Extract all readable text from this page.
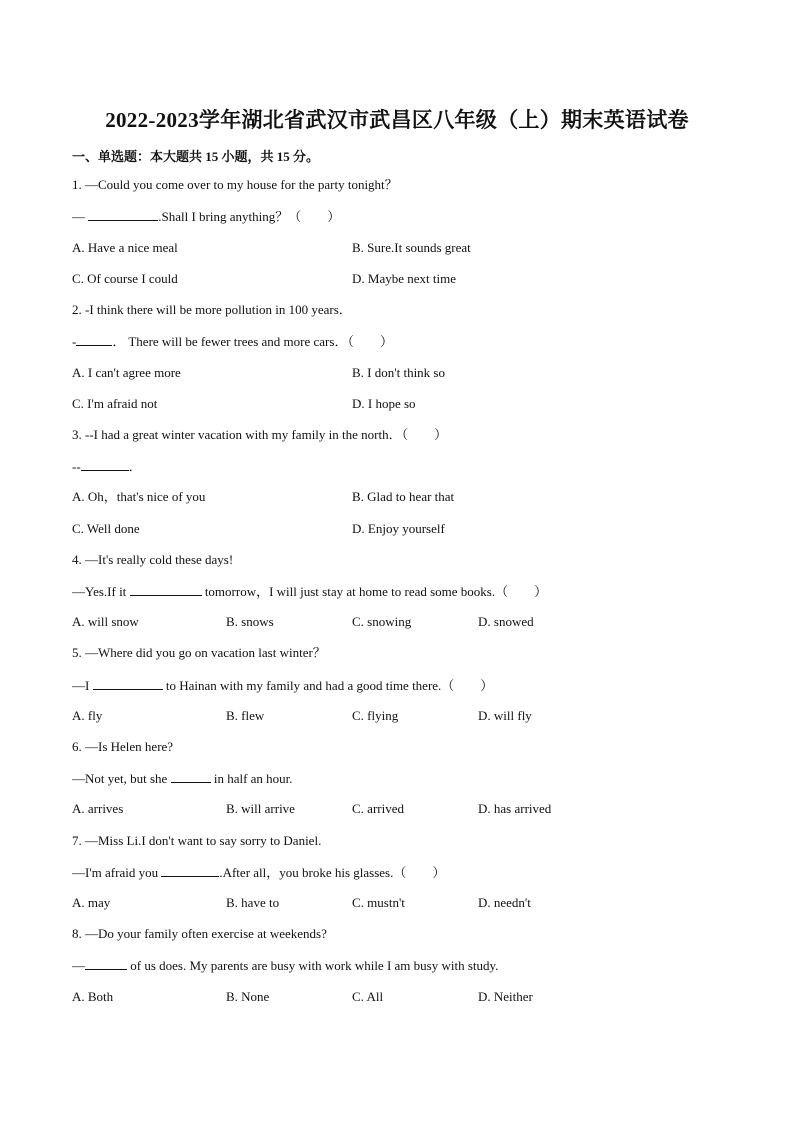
2022-2023学年湖北省武汉市武昌区八年级（上）期末英语试卷
一、单选题：本大题共 15 小题，共 15 分。
1. —Could you come over to my house for the party tonight？
—	.Shall I bring anything？（　　）
A. Have a nice meal	B. Sure.It sounds great
C. Of course I could	D. Maybe next time
2. -I think there will be more pollution in 100 years．
-	． There will be fewer trees and more cars．（　　）
A. I can't agree more	B. I don't think so
C. I'm afraid not	D. I hope so
3. --I had a great winter vacation with my family in the north．（　　）
--	．
A. Oh，that's nice of you	B. Glad to hear that
C. Well done	D. Enjoy yourself
4. —It's really cold these days!
—Yes.If it	tomorrow，I will just stay at home to read some books.（　　）
A. will snow	B. snows	C. snowing	D. snowed
5. —Where did you go on vacation last winter？
—I	to Hainan with my family and had a good time there.（　　）
A. fly	B. flew	C. flying	D. will fly
6. —Is Helen here?
—Not yet, but she	in half an hour.
A. arrives	B. will arrive	C. arrived	D. has arrived
7. —Miss Li.I don't want to say sorry to Daniel.
—I'm afraid you	.After all，you broke his glasses.（　　）
A. may	B. have to	C. mustn't	D. needn't
8. —Do your family often exercise at weekends?
—	of us does. My parents are busy with work while I am busy with study.
A. Both	B. None	C. All	D. Neither
